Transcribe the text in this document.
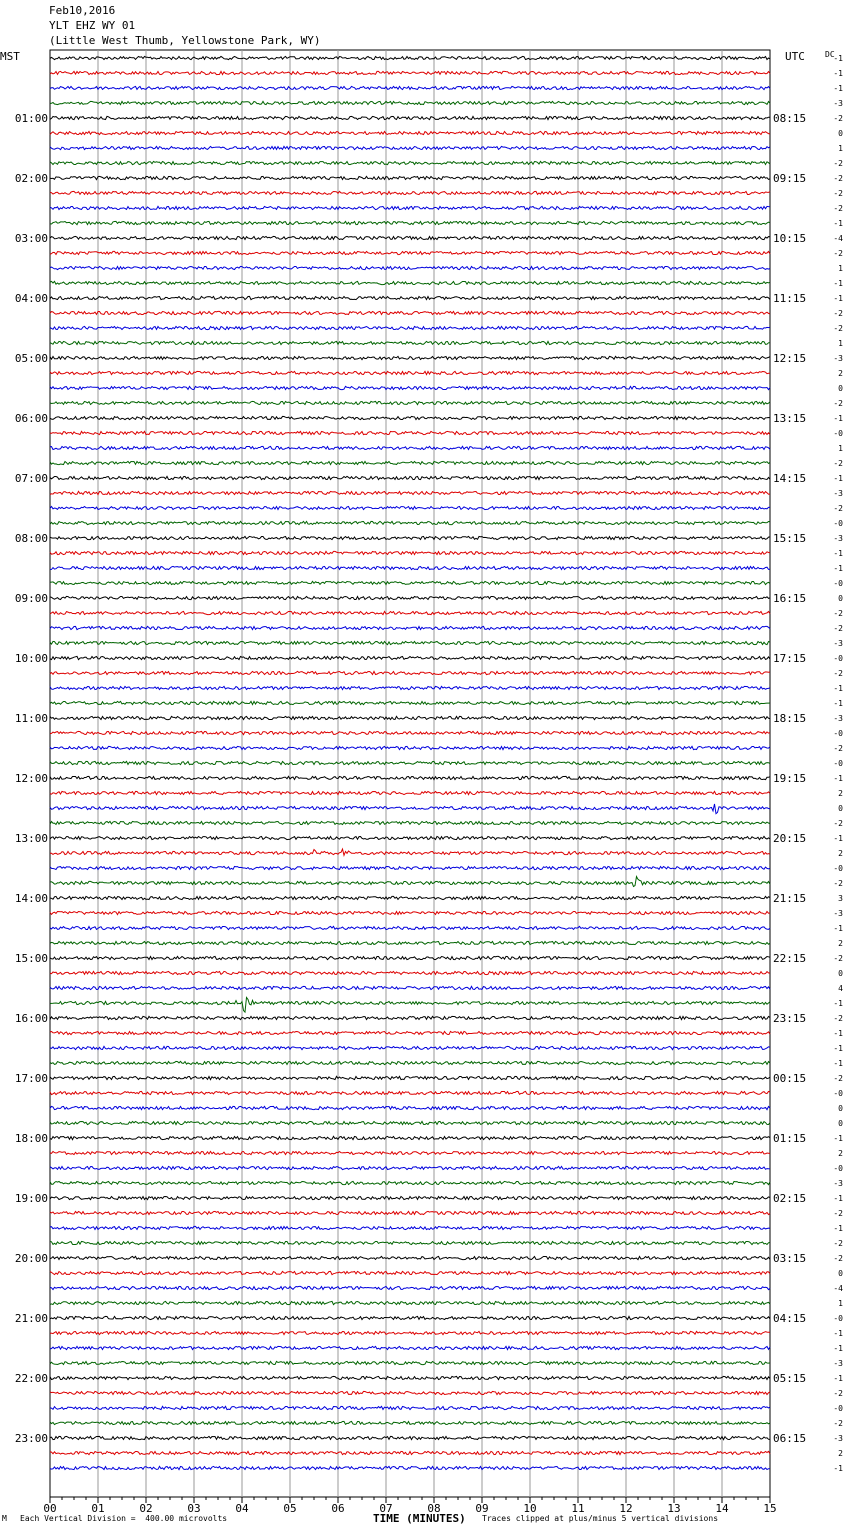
Feb10,2016
YLT EHZ WY 01
(Little West Thumb, Yellowstone Park, WY)
MST	UTC	DC
00	01	02	03	04	05	06	07	08	09	10	11	12	13	14	15
-1
-1
-1
-3
-2
0
1
-2
-2
-2
-2
-1
-4
-2
1
-1
-1
-2
-2
1
-3
2
0
-2
-1
-0
1
-2
-1
-3
-2
-0
-3
-1
-1
-0
0
-2
-2
-3
-0
-2
-1
-1
-3
-0
-2
-0
-1
2
0
-2
-1
2
-0
-2
3
-3
-1
2
-2
0
4
-1
-2
-1
-1
-1
-2
-0
0
0
-1
2
-0
-3
-1
-2
-1
-2
-2
0
-4
1
-0
-1
-1
-3
-1
-2
-0
-2
-3
2
-1
01:00	08:15
02:00	09:15
03:00	10:15
04:00	11:15
05:00	12:15
06:00	13:15
07:00	14:15
08:00	15:15
09:00	16:15
10:00	17:15
11:00	18:15
12:00	19:15
13:00	20:15
14:00	21:15
15:00	22:15
16:00	23:15
17:00	00:15
18:00	01:15
19:00	02:15
20:00	03:15
21:00	04:15
22:00	05:15
23:00	06:15
M Each Vertical Division =  400.00 microvolts	TIME (MINUTES) Traces clipped at plus/minus 5 vertical divisions
